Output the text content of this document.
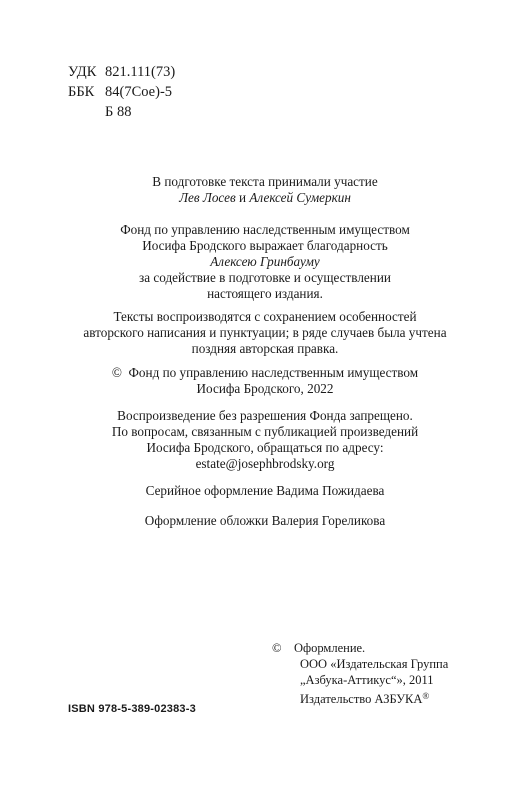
УДК 821.111(73)
ББК 84(7Сое)-5
Б 88
В подготовке текста принимали участие
Лев Лосев и Алексей Сумеркин
Фонд по управлению наследственным имуществом
Иосифа Бродского выражает благодарность
Алексею Гринбауму
за содействие в подготовке и осуществлении
настоящего издания.
Тексты воспроизводятся с сохранением особенностей
авторского написания и пунктуации; в ряде случаев была учтена
поздняя авторская правка.
© Фонд по управлению наследственным имуществом
Иосифа Бродского, 2022
Воспроизведение без разрешения Фонда запрещено.
По вопросам, связанным с публикацией произведений
Иосифа Бродского, обращаться по адресу:
estate@josephbrodsky.org
Серийное оформление Вадима Пожидаева
Оформление обложки Валерия Гореликова
© Оформление.
ООО «Издательская Группа
„Азбука-Аттикус“», 2011
Издательство АЗБУКА®
ISBN 978-5-389-02383-3
